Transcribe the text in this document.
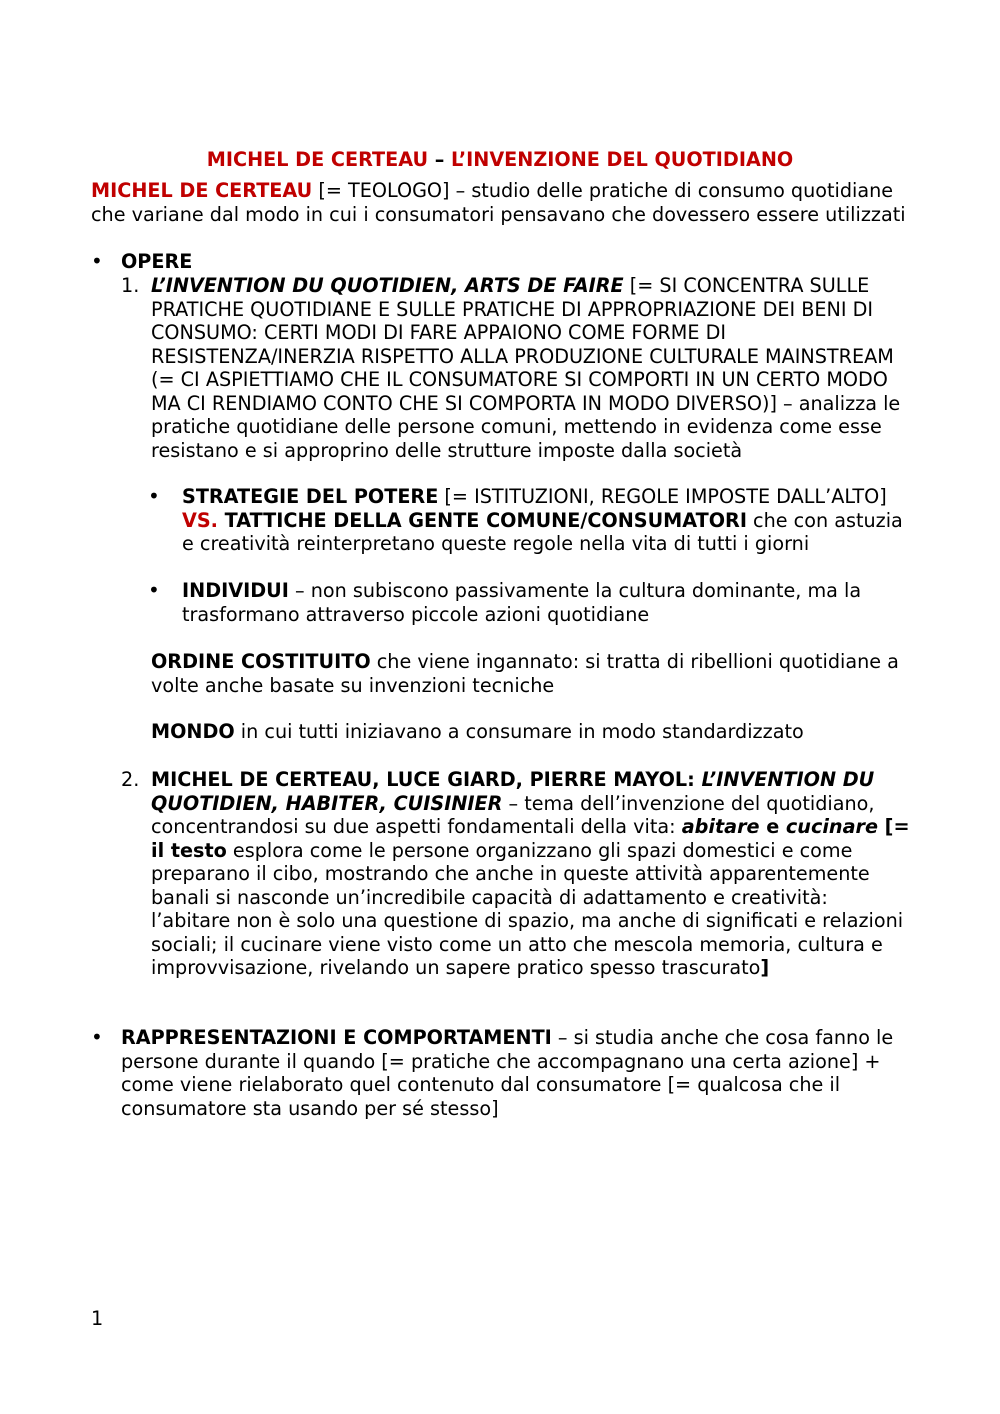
MICHEL DE CERTEAU – L’INVENZIONE DEL QUOTIDIANO
MICHEL DE CERTEAU [= TEOLOGO] – studio delle pratiche di consumo quotidiane che variane dal modo in cui i consumatori pensavano che dovessero essere utilizzati
•
OPERE
1. L’INVENTION DU QUOTIDIEN, ARTS DE FAIRE [= SI CONCENTRA SULLE PRATICHE QUOTIDIANE E SULLE PRATICHE DI APPROPRIAZIONE DEI BENI DI CONSUMO: CERTI MODI DI FARE APPAIONO COME FORME DI RESISTENZA/INERZIA RISPETTO ALLA PRODUZIONE CULTURALE MAINSTREAM (= CI ASPIETTIAMO CHE IL CONSUMATORE SI COMPORTI IN UN CERTO MODO MA CI RENDIAMO CONTO CHE SI COMPORTA IN MODO DIVERSO)] – analizza le pratiche quotidiane delle persone comuni, mettendo in evidenza come esse resistano e si approprino delle strutture imposte dalla società
•
STRATEGIE DEL POTERE [= ISTITUZIONI, REGOLE IMPOSTE DALL’ALTO] VS. TATTICHE DELLA GENTE COMUNE/CONSUMATORI che con astuzia e creatività reinterpretano queste regole nella vita di tutti i giorni
•
INDIVIDUI – non subiscono passivamente la cultura dominante, ma la trasformano attraverso piccole azioni quotidiane
ORDINE COSTITUITO che viene ingannato: si tratta di ribellioni quotidiane a volte anche basate su invenzioni tecniche
MONDO in cui tutti iniziavano a consumare in modo standardizzato
2. MICHEL DE CERTEAU, LUCE GIARD, PIERRE MAYOL: L’INVENTION DU QUOTIDIEN, HABITER, CUISINIER – tema dell’invenzione del quotidiano, concentrandosi su due aspetti fondamentali della vita: abitare e cucinare [= il testo esplora come le persone organizzano gli spazi domestici e come preparano il cibo, mostrando che anche in queste attività apparentemente banali si nasconde un’incredibile capacità di adattamento e creatività: l’abitare non è solo una questione di spazio, ma anche di significati e relazioni sociali; il cucinare viene visto come un atto che mescola memoria, cultura e improvvisazione, rivelando un sapere pratico spesso trascurato]
•
RAPPRESENTAZIONI E COMPORTAMENTI – si studia anche che cosa fanno le persone durante il quando [= pratiche che accompagnano una certa azione] + come viene rielaborato quel contenuto dal consumatore [= qualcosa che il consumatore sta usando per sé stesso]
1
